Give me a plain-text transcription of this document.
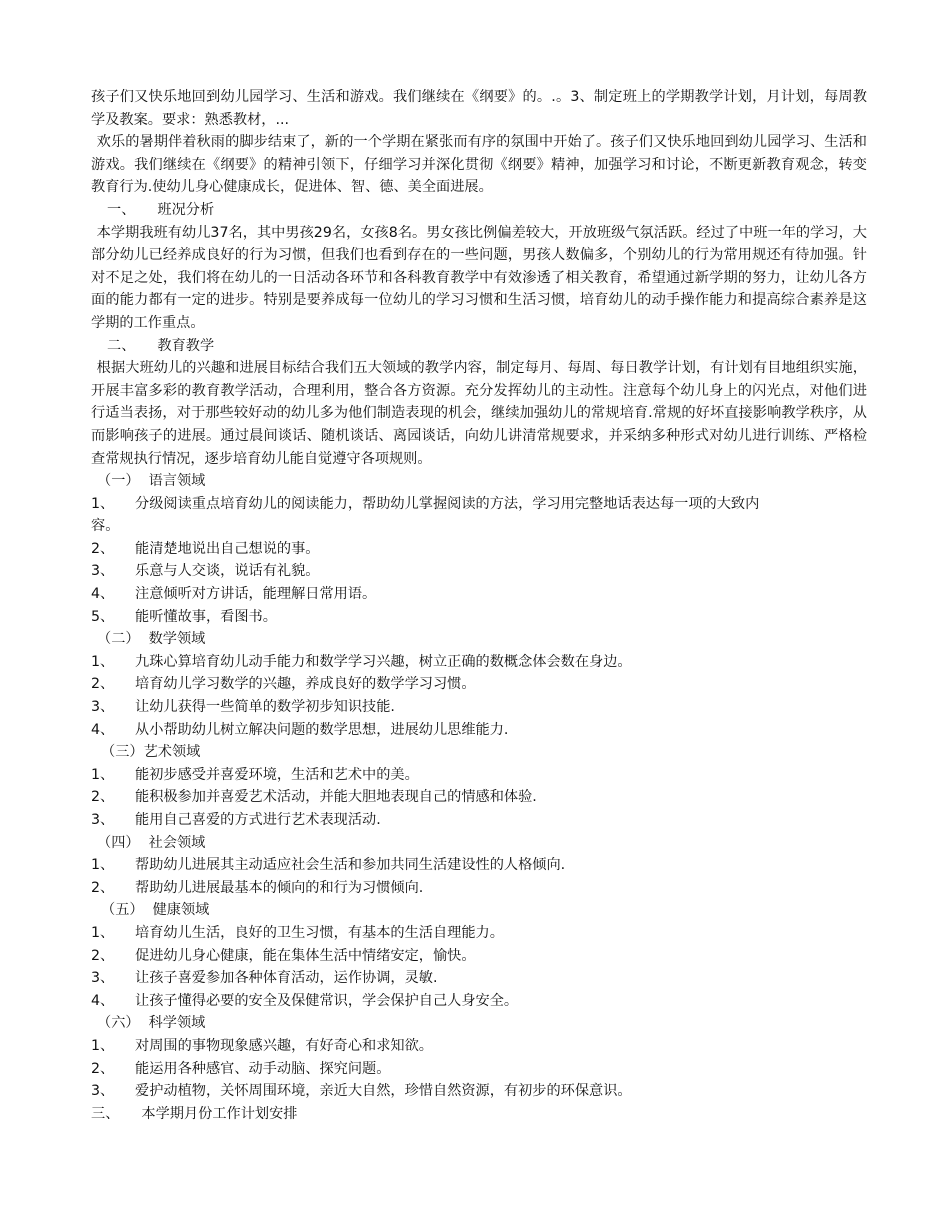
孩子们又快乐地回到幼儿园学习、生活和游戏。我们继续在《纲要》的。.。3、制定班上的学期教学计划，月计划，每周教学及教案。要求：熟悉教材，...

欢乐的暑期伴着秋雨的脚步结束了，新的一个学期在紧张而有序的氛围中开始了。孩子们又快乐地回到幼儿园学习、生活和游戏。我们继续在《纲要》的精神引领下，仔细学习并深化贯彻《纲要》精神，加强学习和讨论，不断更新教育观念，转变教育行为.使幼儿身心健康成长，促进体、智、德、美全面进展。

一、 班况分析

本学期我班有幼儿37名，其中男孩29名，女孩8名。男女孩比例偏差较大，开放班级气氛活跃。经过了中班一年的学习，大部分幼儿已经养成良好的行为习惯，但我们也看到存在的一些问题，男孩人数偏多，个别幼儿的行为常用规还有待加强。针对不足之处，我们将在幼儿的一日活动各环节和各科教育教学中有效渗透了相关教育，希望通过新学期的努力，让幼儿各方面的能力都有一定的进步。特别是要养成每一位幼儿的学习习惯和生活习惯，培育幼儿的动手操作能力和提高综合素养是这学期的工作重点。

二、 教育教学

根据大班幼儿的兴趣和进展目标结合我们五大领域的教学内容，制定每月、每周、每日教学计划，有计划有目地组织实施，开展丰富多彩的教育教学活动，合理利用，整合各方资源。充分发挥幼儿的主动性。注意每个幼儿身上的闪光点，对他们进行适当表扬，对于那些较好动的幼儿多为他们制造表现的机会，继续加强幼儿的常规培育.常规的好坏直接影响教学秩序，从而影响孩子的进展。通过晨间谈话、随机谈话、离园谈话，向幼儿讲清常规要求，并采纳多种形式对幼儿进行训练、严格检查常规执行情况，逐步培育幼儿能自觉遵守各项规则。

（一）  语言领域

1、	分级阅读重点培育幼儿的阅读能力，帮助幼儿掌握阅读的方法，学习用完整地话表达每一项的大致内

容。

2、	能清楚地说出自己想说的事。
3、	乐意与人交谈，说话有礼貌。
4、	注意倾听对方讲话，能理解日常用语。
5、	能听懂故事，看图书。

（二）  数学领域

1、	九珠心算培育幼儿动手能力和数学学习兴趣，树立正确的数概念体会数在身边。
2、	培育幼儿学习数学的兴趣，养成良好的数学学习习惯。
3、	让幼儿获得一些简单的数学初步知识技能.
4、	从小帮助幼儿树立解决问题的数学思想，进展幼儿思维能力.

（三）艺术领域

1、	能初步感受并喜爱环境，生活和艺术中的美。
2、	能积极参加并喜爱艺术活动，并能大胆地表现自己的情感和体验.
3、	能用自己喜爱的方式进行艺术表现活动.

（四）  社会领域

1、	帮助幼儿进展其主动适应社会生活和参加共同生活建设性的人格倾向.
2、	帮助幼儿进展最基本的倾向的和行为习惯倾向.

（五）  健康领域

1、	培育幼儿生活，良好的卫生习惯，有基本的生活自理能力。
2、	促进幼儿身心健康，能在集体生活中情绪安定，愉快。
3、	让孩子喜爱参加各种体育活动，运作协调，灵敏.
4、	让孩子懂得必要的安全及保健常识，学会保护自己人身安全。

（六）  科学领域

1、	对周围的事物现象感兴趣，有好奇心和求知欲。
2、	能运用各种感官、动手动脑、探究问题。
3、	爱护动植物，关怀周围环境，亲近大自然，珍惜自然资源，有初步的环保意识。

三、 本学期月份工作计划安排
